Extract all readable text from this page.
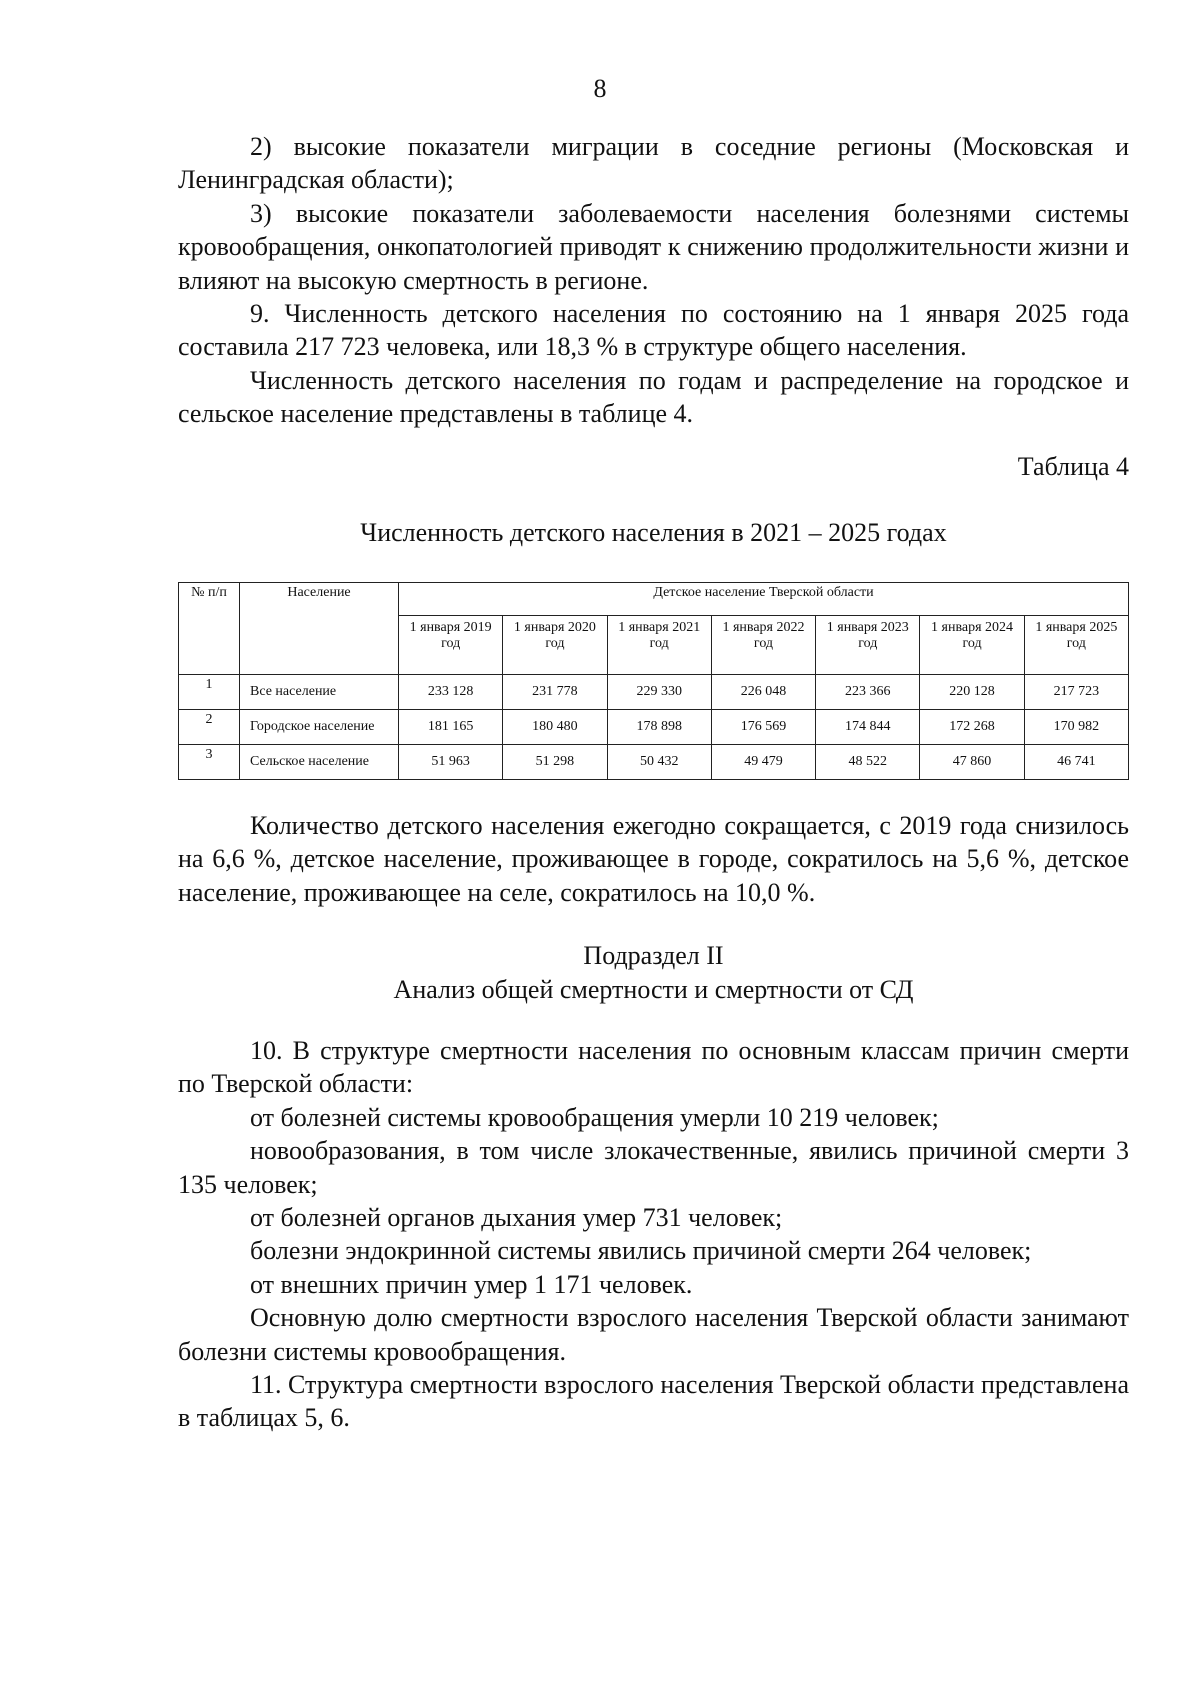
8

2) высокие показатели миграции в соседние регионы (Московская и Ленинградская области);

3) высокие показатели заболеваемости населения болезнями системы кровообращения, онкопатологией приводят к снижению продолжительности жизни и влияют на высокую смертность в регионе.

9. Численность детского населения по состоянию на 1 января 2025 года составила 217 723 человека, или 18,3 % в структуре общего населения.

Численность детского населения по годам и распределение на городское и сельское население представлены в таблице 4.

Таблица 4
Численность детского населения в 2021 – 2025 годах
№ п/п	Население	Детское население Тверской области						
		1 января 2019 год	1 января 2020 год	1 января 2021 год	1 января 2022 год	1 января 2023 год	1 января 2024 год	1 января 2025 год
1	Все население	233 128	231 778	229 330	226 048	223 366	220 128	217 723
2	Городское население	181 165	180 480	178 898	176 569	174 844	172 268	170 982
3	Сельское население	51 963	51 298	50 432	49 479	48 522	47 860	46 741

Количество детского населения ежегодно сокращается, с 2019 года снизилось на 6,6 %, детское население, проживающее в городе, сократилось на 5,6 %, детское население, проживающее на селе, сократилось на 10,0 %.

Подраздел II
Анализ общей смертности и смертности от СД

10. В структуре смертности населения по основным классам причин смерти по Тверской области:

от болезней системы кровообращения умерли 10 219 человек;

новообразования, в том числе злокачественные, явились причиной смерти 3 135 человек;

от болезней органов дыхания умер 731 человек;

болезни эндокринной системы явились причиной смерти 264 человек;

от внешних причин умер 1 171 человек.

Основную долю смертности взрослого населения Тверской области занимают болезни системы кровообращения.

11. Структура смертности взрослого населения Тверской области представлена в таблицах 5, 6.
